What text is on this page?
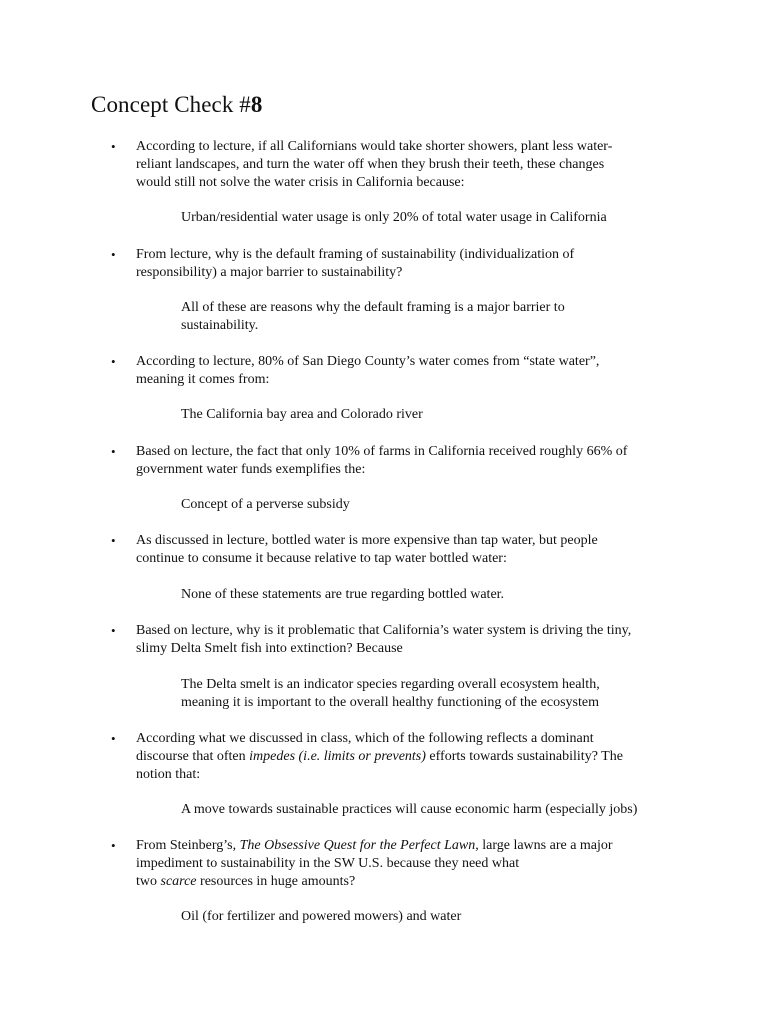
Concept Check #8
• According to lecture, if all Californians would take shorter showers, plant less water-
reliant landscapes, and turn the water off when they brush their teeth, these changes
would still not solve the water crisis in California because:

Urban/residential water usage is only 20% of total water usage in California

• From lecture, why is the default framing of sustainability (individualization of
responsibility) a major barrier to sustainability?

All of these are reasons why the default framing is a major barrier to
sustainability.

• According to lecture, 80% of San Diego County’s water comes from “state water”,
meaning it comes from:

The California bay area and Colorado river

• Based on lecture, the fact that only 10% of farms in California received roughly 66% of
government water funds exemplifies the:

Concept of a perverse subsidy

• As discussed in lecture, bottled water is more expensive than tap water, but people
continue to consume it because relative to tap water bottled water:

None of these statements are true regarding bottled water.

• Based on lecture, why is it problematic that California’s water system is driving the tiny,
slimy Delta Smelt fish into extinction? Because

The Delta smelt is an indicator species regarding overall ecosystem health,
meaning it is important to the overall healthy functioning of the ecosystem

• According what we discussed in class, which of the following reflects a dominant
discourse that often impedes (i.e. limits or prevents) efforts towards sustainability? The
notion that:

A move towards sustainable practices will cause economic harm (especially jobs)

• From Steinberg’s, The Obsessive Quest for the Perfect Lawn, large lawns are a major
impediment to sustainability in the SW U.S. because they need what
two scarce resources in huge amounts?

Oil (for fertilizer and powered mowers) and water
